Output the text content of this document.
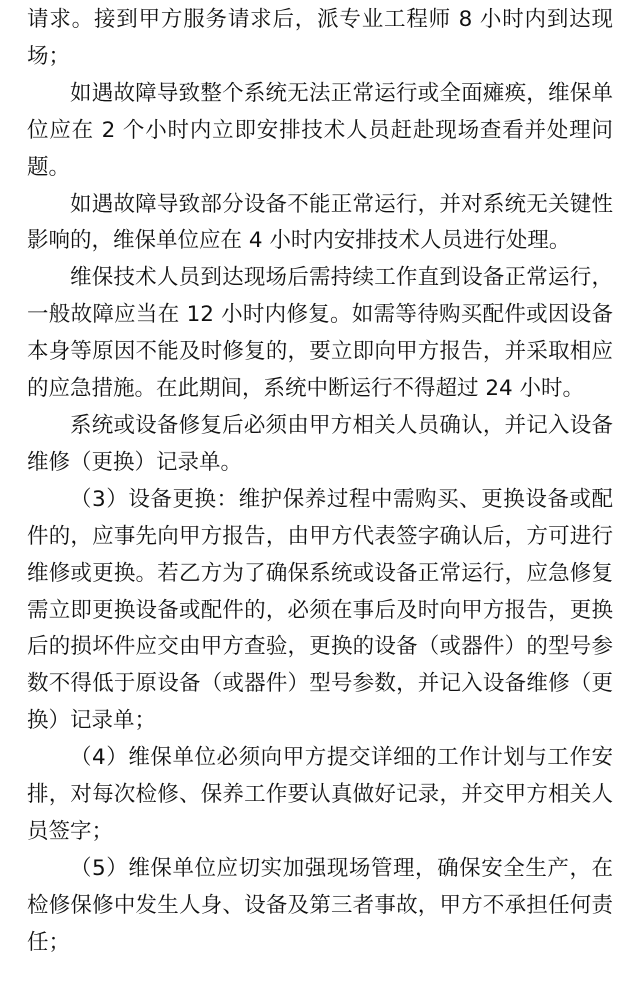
请求。接到甲方服务请求后，派专业工程师 8 小时内到达现场；

如遇故障导致整个系统无法正常运行或全面瘫痪，维保单位应在 2 个小时内立即安排技术人员赶赴现场查看并处理问题。

如遇故障导致部分设备不能正常运行，并对系统无关键性影响的，维保单位应在 4 小时内安排技术人员进行处理。

维保技术人员到达现场后需持续工作直到设备正常运行，一般故障应当在 12 小时内修复。如需等待购买配件或因设备本身等原因不能及时修复的，要立即向甲方报告，并采取相应的应急措施。在此期间，系统中断运行不得超过 24 小时。

系统或设备修复后必须由甲方相关人员确认，并记入设备维修（更换）记录单。

（3）设备更换：维护保养过程中需购买、更换设备或配件的，应事先向甲方报告，由甲方代表签字确认后，方可进行维修或更换。若乙方为了确保系统或设备正常运行，应急修复需立即更换设备或配件的，必须在事后及时向甲方报告，更换后的损坏件应交由甲方查验，更换的设备（或器件）的型号参数不得低于原设备（或器件）型号参数，并记入设备维修（更换）记录单；

（4）维保单位必须向甲方提交详细的工作计划与工作安排，对每次检修、保养工作要认真做好记录，并交甲方相关人员签字；

（5）维保单位应切实加强现场管理，确保安全生产，在检修保修中发生人身、设备及第三者事故，甲方不承担任何责任；
